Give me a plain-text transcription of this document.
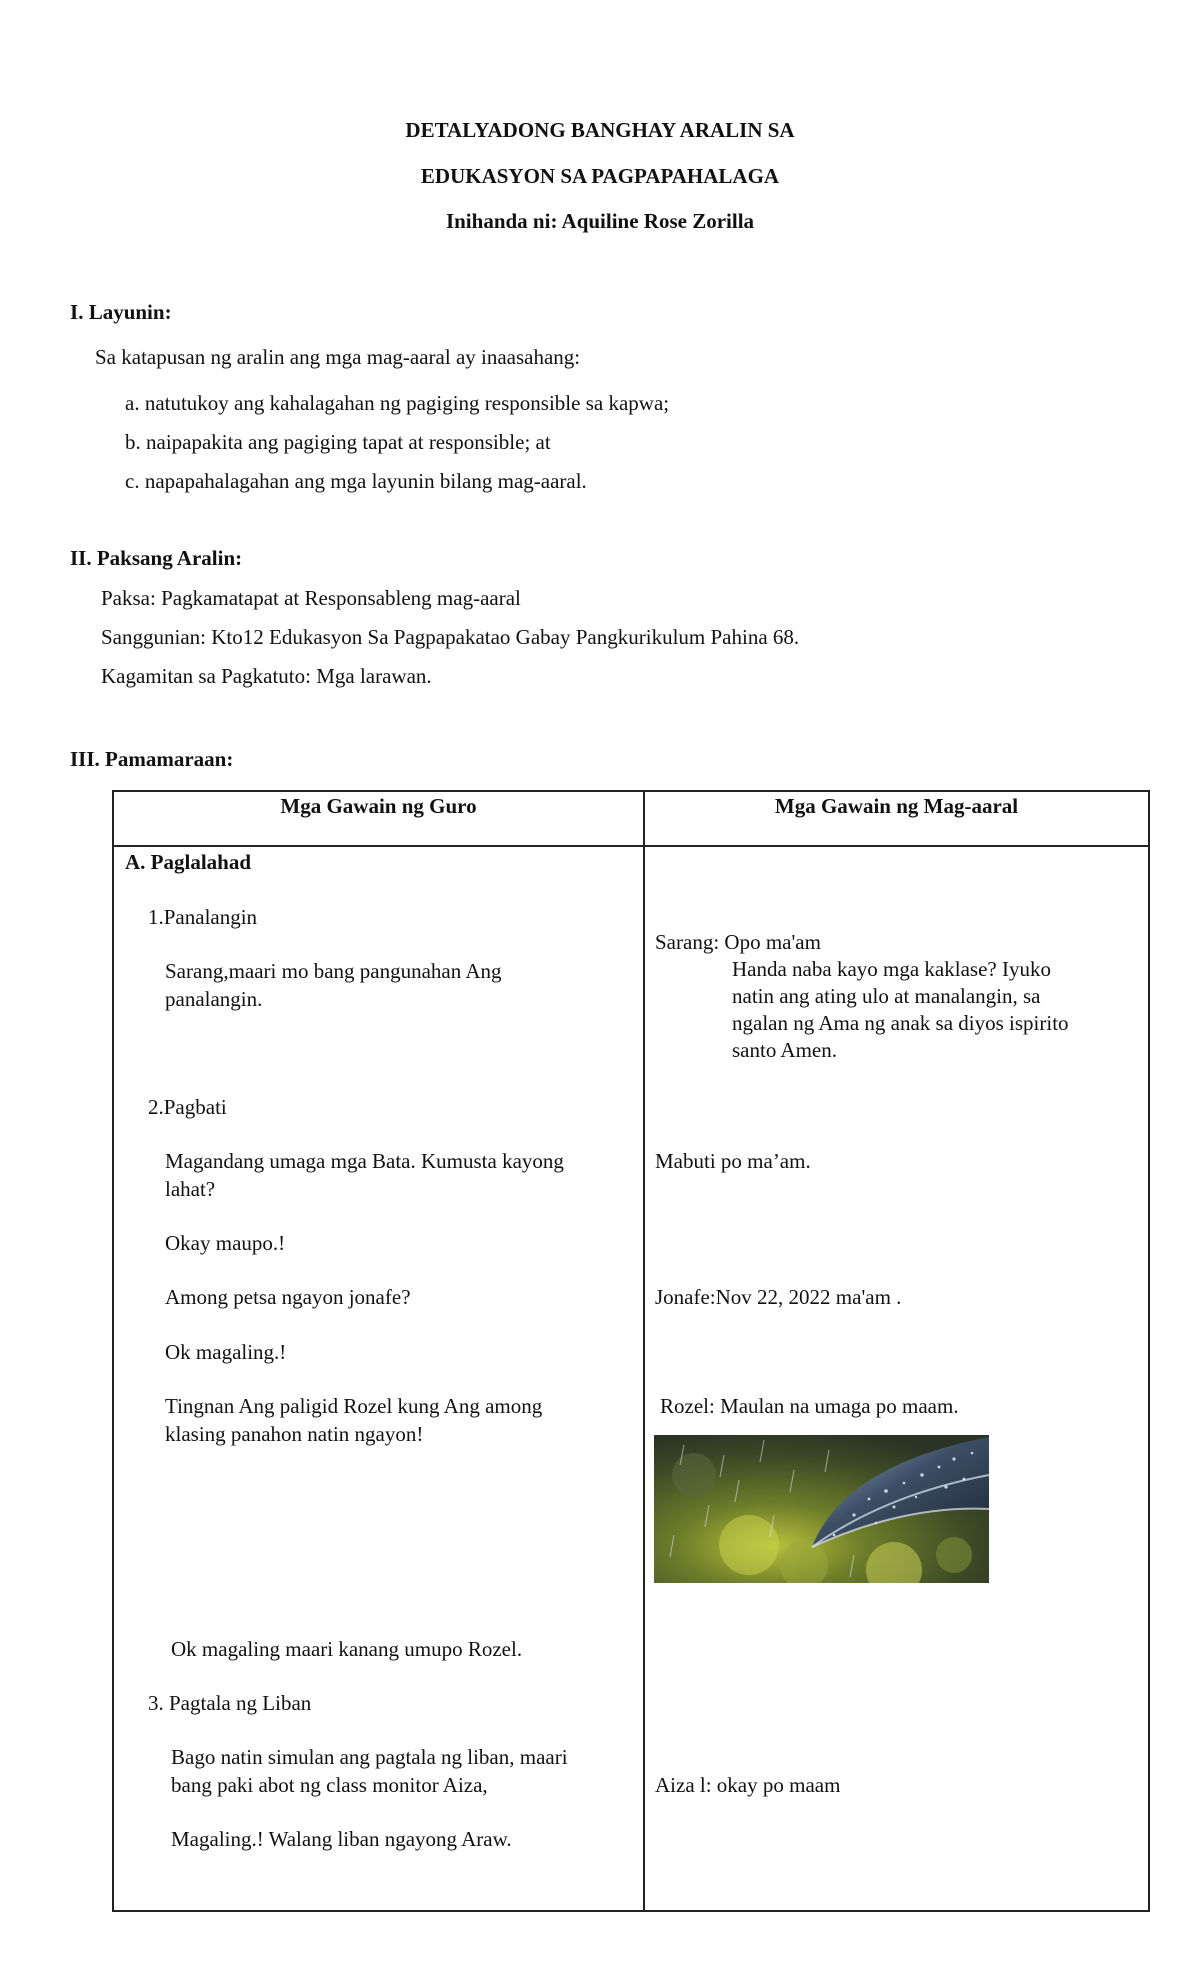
DETALYADONG BANGHAY ARALIN SA
EDUKASYON SA PAGPAPAHALAGA
Inihanda ni: Aquiline Rose Zorilla
I. Layunin:
Sa katapusan ng aralin ang mga mag-aaral ay inaasahang:
a. natutukoy ang kahalagahan ng pagiging responsible sa kapwa;
b. naipapakita ang pagiging tapat at responsible; at
c. napapahalagahan ang mga layunin bilang mag-aaral.
II. Paksang Aralin:
Paksa: Pagkamatapat at Responsableng mag-aaral
Sanggunian: Kto12 Edukasyon Sa Pagpapakatao Gabay Pangkurikulum Pahina 68.
Kagamitan sa Pagkatuto: Mga larawan.
III. Pamamaraan:
Mga Gawain ng Guro	Mga Gawain ng Mag-aaral
A. Paglalahad
1.Panalangin
Sarang,maari mo bang pangunahan Ang
panalangin.
2.Pagbati
Magandang umaga mga Bata. Kumusta kayong
lahat?
Okay maupo.!
Among petsa ngayon jonafe?
Ok magaling.!
Tingnan Ang paligid Rozel kung Ang among
klasing panahon natin ngayon!
Ok magaling maari kanang umupo Rozel.
3. Pagtala ng Liban
Bago natin simulan ang pagtala ng liban, maari
bang paki abot ng class monitor Aiza,
Magaling.! Walang liban ngayong Araw.
Sarang: Opo ma'am
Handa naba kayo mga kaklase? Iyuko
natin ang ating ulo at manalangin, sa
ngalan ng Ama ng anak sa diyos ispirito
santo Amen.
Mabuti po ma’am.
Jonafe:Nov 22, 2022 ma'am .
Rozel: Maulan na umaga po maam.
Aiza l: okay po maam
